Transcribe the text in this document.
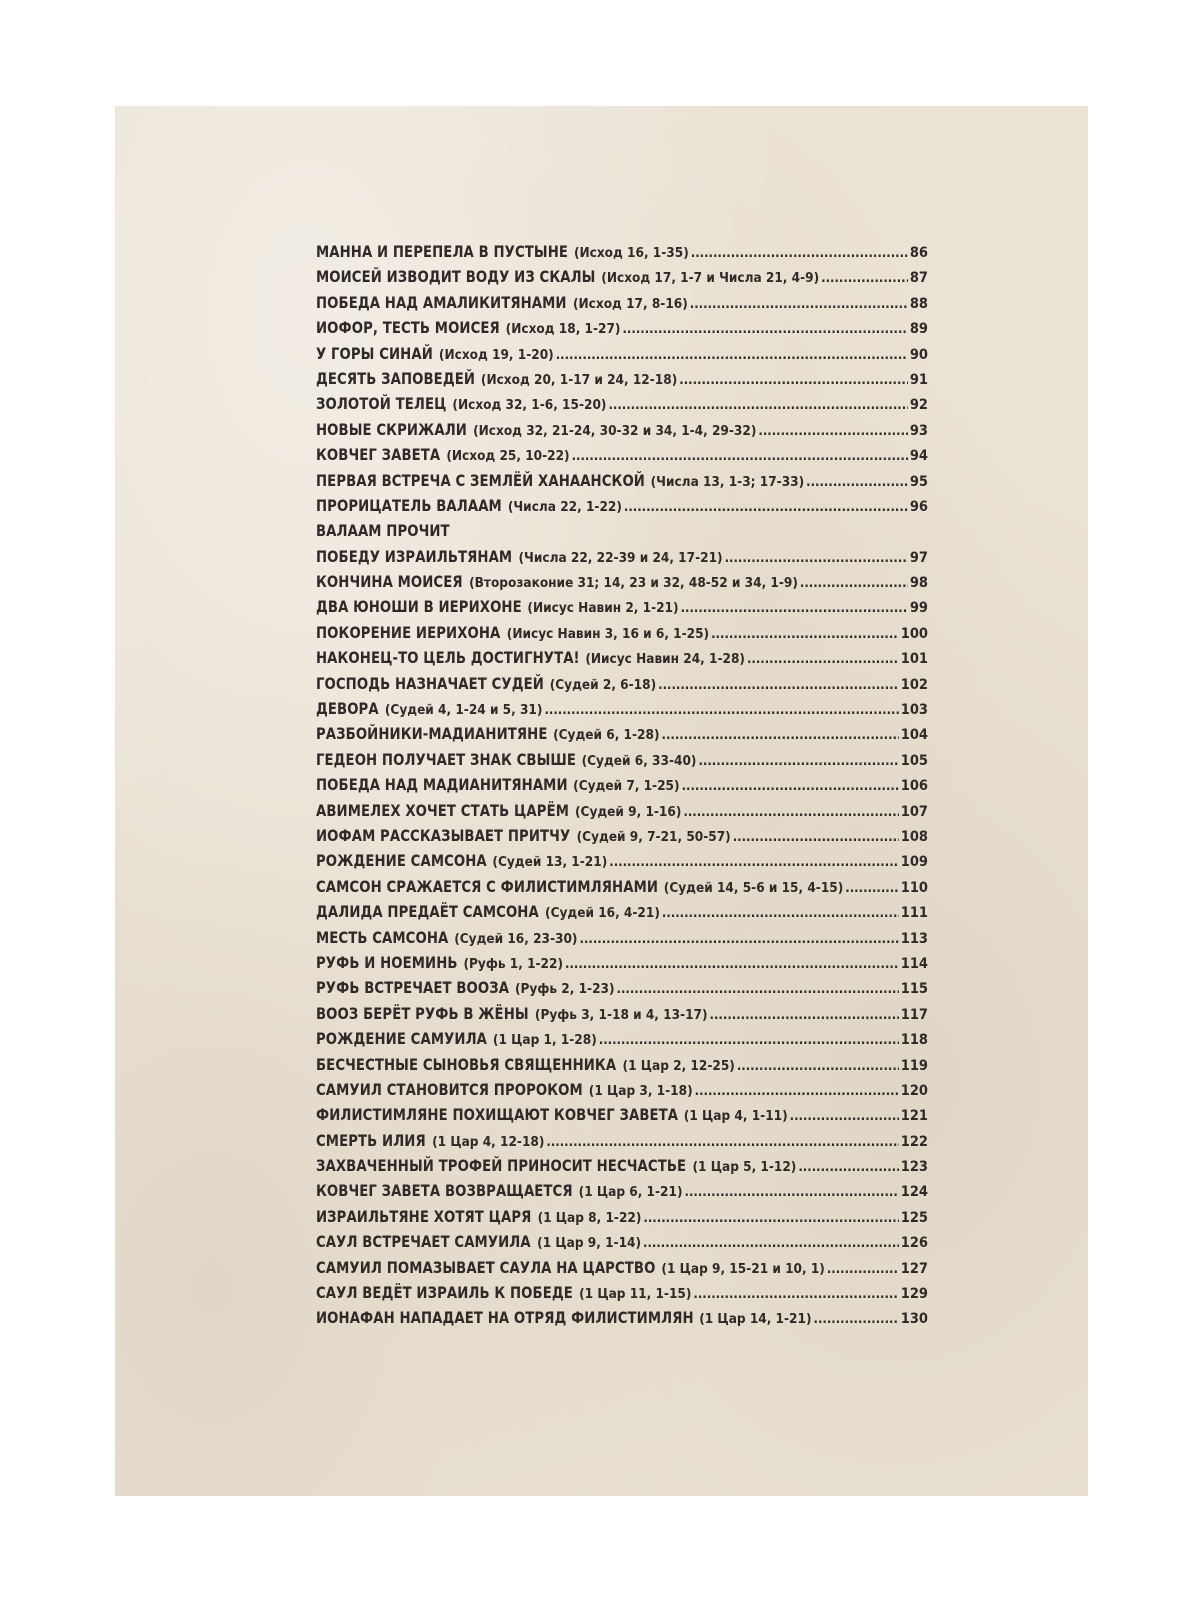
МАННА И ПЕРЕПЕЛА В ПУСТЫНЕ (Исход 16, 1-35) .....	86
МОИСЕЙ ИЗВОДИТ ВОДУ ИЗ СКАЛЫ (Исход 17, 1-7 и Числа 21, 4-9) .....	87
ПОБЕДА НАД АМАЛИКИТЯНАМИ (Исход 17, 8-16) .....	88
ИОФОР, ТЕСТЬ МОИСЕЯ (Исход 18, 1-27) .....	89
У ГОРЫ СИНАЙ (Исход 19, 1-20) .....	90
ДЕСЯТЬ ЗАПОВЕДЕЙ (Исход 20, 1-17 и 24, 12-18) .....	91
ЗОЛОТОЙ ТЕЛЕЦ (Исход 32, 1-6, 15-20) .....	92
НОВЫЕ СКРИЖАЛИ (Исход 32, 21-24, 30-32 и 34, 1-4, 29-32) .....	93
КОВЧЕГ ЗАВЕТА (Исход 25, 10-22) .....	94
ПЕРВАЯ ВСТРЕЧА С ЗЕМЛЁЙ ХАНААНСКОЙ (Числа 13, 1-3; 17-33) .....	95
ПРОРИЦАТЕЛЬ ВАЛААМ (Числа 22, 1-22) .....	96
ВАЛААМ ПРОЧИТ
ПОБЕДУ ИЗРАИЛЬТЯНАМ (Числа 22, 22-39 и 24, 17-21) .....	97
КОНЧИНА МОИСЕЯ (Второзаконие 31; 14, 23 и 32, 48-52 и 34, 1-9) .....	98
ДВА ЮНОШИ В ИЕРИХОНЕ (Иисус Навин 2, 1-21) .....	99
ПОКОРЕНИЕ ИЕРИХОНА (Иисус Навин 3, 16 и 6, 1-25) .....	100
НАКОНЕЦ-ТО ЦЕЛЬ ДОСТИГНУТА! (Иисус Навин 24, 1-28) .....	101
ГОСПОДЬ НАЗНАЧАЕТ СУДЕЙ (Судей 2, 6-18) .....	102
ДЕВОРА (Судей 4, 1-24 и 5, 31) .....	103
РАЗБОЙНИКИ-МАДИАНИТЯНЕ (Судей 6, 1-28) .....	104
ГЕДЕОН ПОЛУЧАЕТ ЗНАК СВЫШЕ (Судей 6, 33-40) .....	105
ПОБЕДА НАД МАДИАНИТЯНАМИ (Судей 7, 1-25) .....	106
АВИМЕЛЕХ ХОЧЕТ СТАТЬ ЦАРЁМ (Судей 9, 1-16) .....	107
ИОФАМ РАССКАЗЫВАЕТ ПРИТЧУ (Судей 9, 7-21, 50-57) .....	108
РОЖДЕНИЕ САМСОНА (Судей 13, 1-21) .....	109
САМСОН СРАЖАЕТСЯ С ФИЛИСТИМЛЯНАМИ (Судей 14, 5-6 и 15, 4-15) .....	110
ДАЛИДА ПРЕДАЁТ САМСОНА (Судей 16, 4-21) .....	111
МЕСТЬ САМСОНА (Судей 16, 23-30) .....	113
РУФЬ И НОЕМИНЬ (Руфь 1, 1-22) .....	114
РУФЬ ВСТРЕЧАЕТ ВООЗА (Руфь 2, 1-23) .....	115
ВООЗ БЕРЁТ РУФЬ В ЖЁНЫ (Руфь 3, 1-18 и 4, 13-17) .....	117
РОЖДЕНИЕ САМУИЛА (1 Цар 1, 1-28) .....	118
БЕСЧЕСТНЫЕ СЫНОВЬЯ СВЯЩЕННИКА (1 Цар 2, 12-25) .....	119
САМУИЛ СТАНОВИТСЯ ПРОРОКОМ (1 Цар 3, 1-18) .....	120
ФИЛИСТИМЛЯНЕ ПОХИЩАЮТ КОВЧЕГ ЗАВЕТА (1 Цар 4, 1-11) .....	121
СМЕРТЬ ИЛИЯ (1 Цар 4, 12-18) .....	122
ЗАХВАЧЕННЫЙ ТРОФЕЙ ПРИНОСИТ НЕСЧАСТЬЕ (1 Цар 5, 1-12) .....	123
КОВЧЕГ ЗАВЕТА ВОЗВРАЩАЕТСЯ (1 Цар 6, 1-21) .....	124
ИЗРАИЛЬТЯНЕ ХОТЯТ ЦАРЯ (1 Цар 8, 1-22) .....	125
САУЛ ВСТРЕЧАЕТ САМУИЛА (1 Цар 9, 1-14) .....	126
САМУИЛ ПОМАЗЫВАЕТ САУЛА НА ЦАРСТВО (1 Цар 9, 15-21 и 10, 1) .....	127
САУЛ ВЕДЁТ ИЗРАИЛЬ К ПОБЕДЕ (1 Цар 11, 1-15) .....	129
ИОНАФАН НАПАДАЕТ НА ОТРЯД ФИЛИСТИМЛЯН (1 Цар 14, 1-21) .....	130
